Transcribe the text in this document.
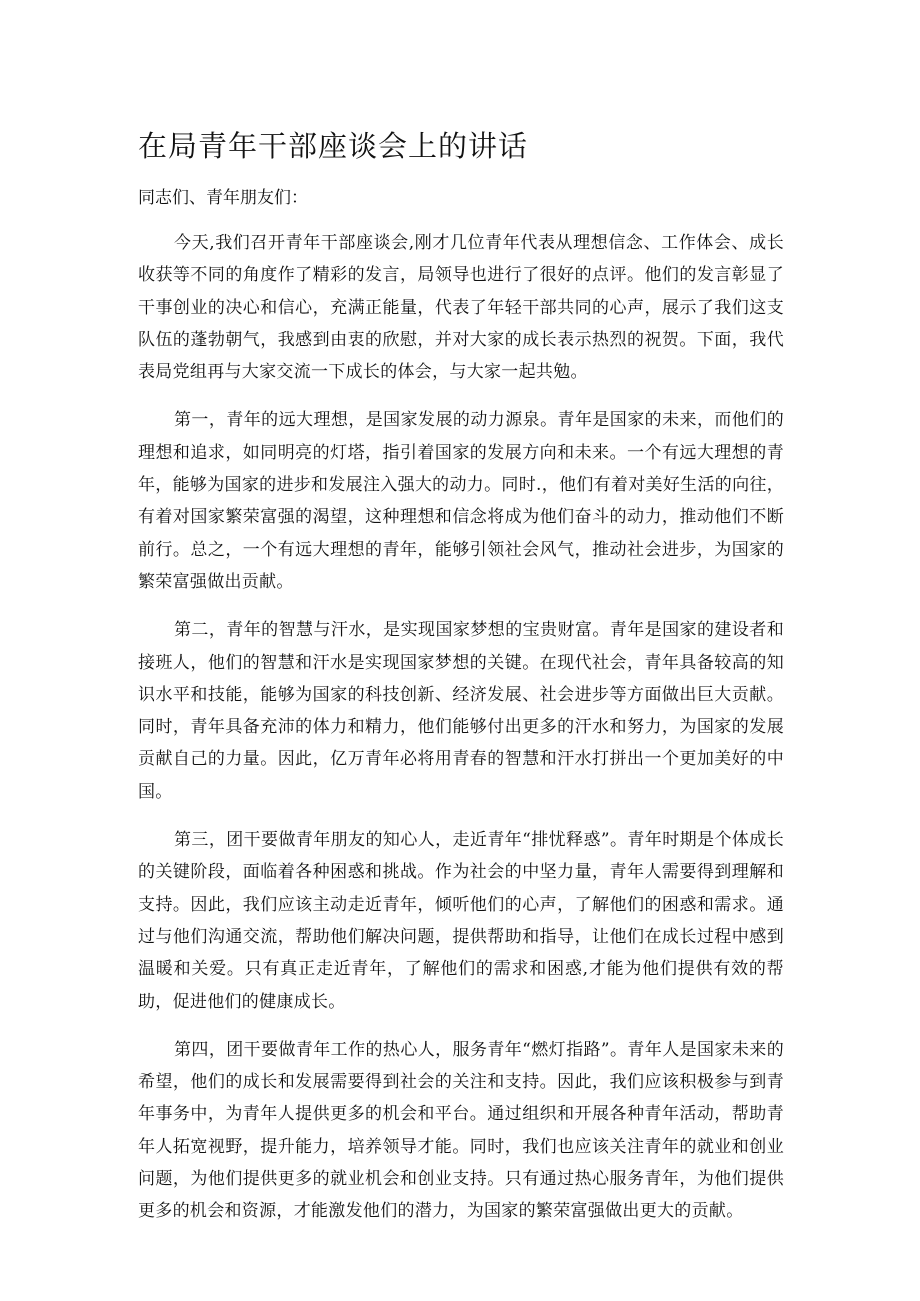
在局青年干部座谈会上的讲话

同志们、青年朋友们：

今天,我们召开青年干部座谈会,刚才几位青年代表从理想信念、工作体会、成长收获等不同的角度作了精彩的发言，局领导也进行了很好的点评。他们的发言彰显了干事创业的决心和信心，充满正能量，代表了年轻干部共同的心声，展示了我们这支队伍的蓬勃朝气，我感到由衷的欣慰，并对大家的成长表示热烈的祝贺。下面，我代表局党组再与大家交流一下成长的体会，与大家一起共勉。

第一，青年的远大理想，是国家发展的动力源泉。青年是国家的未来，而他们的理想和追求，如同明亮的灯塔，指引着国家的发展方向和未来。一个有远大理想的青年，能够为国家的进步和发展注入强大的动力。同时.，他们有着对美好生活的向往，有着对国家繁荣富强的渴望，这种理想和信念将成为他们奋斗的动力，推动他们不断前行。总之，一个有远大理想的青年，能够引领社会风气，推动社会进步，为国家的繁荣富强做出贡献。

第二，青年的智慧与汗水，是实现国家梦想的宝贵财富。青年是国家的建设者和接班人，他们的智慧和汗水是实现国家梦想的关键。在现代社会，青年具备较高的知识水平和技能，能够为国家的科技创新、经济发展、社会进步等方面做出巨大贡献。同时，青年具备充沛的体力和精力，他们能够付出更多的汗水和努力，为国家的发展贡献自己的力量。因此，亿万青年必将用青春的智慧和汗水打拼出一个更加美好的中国。

第三，团干要做青年朋友的知心人，走近青年“排忧释惑”。青年时期是个体成长的关键阶段，面临着各种困惑和挑战。作为社会的中坚力量，青年人需要得到理解和支持。因此，我们应该主动走近青年，倾听他们的心声，了解他们的困惑和需求。通过与他们沟通交流，帮助他们解决问题，提供帮助和指导，让他们在成长过程中感到温暖和关爱。只有真正走近青年，了解他们的需求和困惑,才能为他们提供有效的帮助，促进他们的健康成长。

第四，团干要做青年工作的热心人，服务青年“燃灯指路”。青年人是国家未来的希望，他们的成长和发展需要得到社会的关注和支持。因此，我们应该积极参与到青年事务中，为青年人提供更多的机会和平台。通过组织和开展各种青年活动，帮助青年人拓宽视野，提升能力，培养领导才能。同时，我们也应该关注青年的就业和创业问题，为他们提供更多的就业机会和创业支持。只有通过热心服务青年，为他们提供更多的机会和资源，才能激发他们的潜力，为国家的繁荣富强做出更大的贡献。
